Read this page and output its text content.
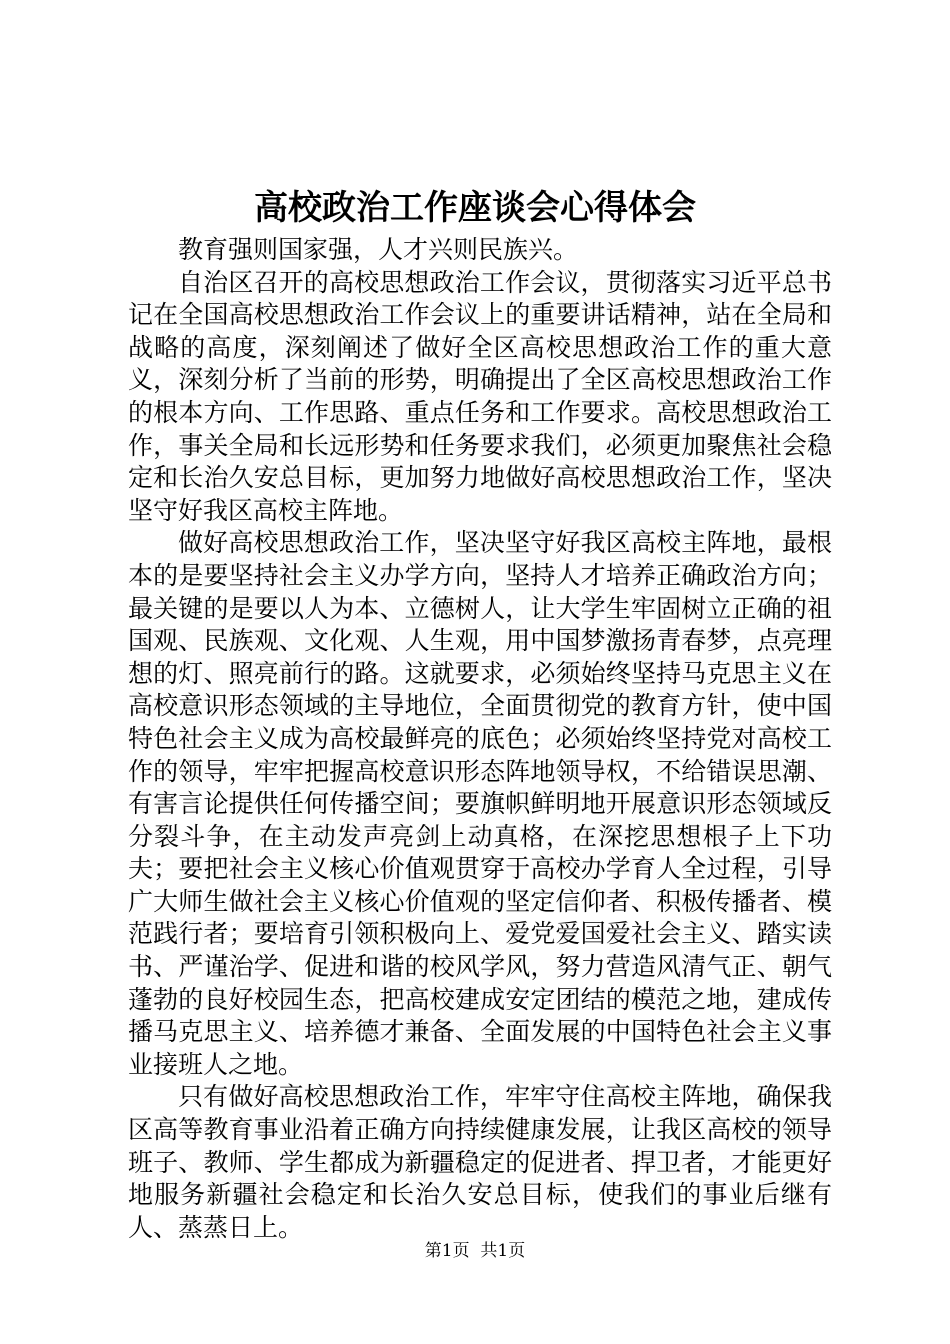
高校政治工作座谈会心得体会

教育强则国家强，人才兴则民族兴。

自治区召开的高校思想政治工作会议，贯彻落实习近平总书记在全国高校思想政治工作会议上的重要讲话精神，站在全局和战略的高度，深刻阐述了做好全区高校思想政治工作的重大意义，深刻分析了当前的形势，明确提出了全区高校思想政治工作的根本方向、工作思路、重点任务和工作要求。高校思想政治工作，事关全局和长远形势和任务要求我们，必须更加聚焦社会稳定和长治久安总目标，更加努力地做好高校思想政治工作，坚决坚守好我区高校主阵地。

做好高校思想政治工作，坚决坚守好我区高校主阵地，最根本的是要坚持社会主义办学方向，坚持人才培养正确政治方向；最关键的是要以人为本、立德树人，让大学生牢固树立正确的祖国观、民族观、文化观、人生观，用中国梦激扬青春梦，点亮理想的灯、照亮前行的路。这就要求，必须始终坚持马克思主义在高校意识形态领域的主导地位，全面贯彻党的教育方针，使中国特色社会主义成为高校最鲜亮的底色；必须始终坚持党对高校工作的领导，牢牢把握高校意识形态阵地领导权，不给错误思潮、有害言论提供任何传播空间；要旗帜鲜明地开展意识形态领域反分裂斗争，在主动发声亮剑上动真格，在深挖思想根子上下功夫；要把社会主义核心价值观贯穿于高校办学育人全过程，引导广大师生做社会主义核心价值观的坚定信仰者、积极传播者、模范践行者；要培育引领积极向上、爱党爱国爱社会主义、踏实读书、严谨治学、促进和谐的校风学风，努力营造风清气正、朝气蓬勃的良好校园生态，把高校建成安定团结的模范之地，建成传播马克思主义、培养德才兼备、全面发展的中国特色社会主义事业接班人之地。

只有做好高校思想政治工作，牢牢守住高校主阵地，确保我区高等教育事业沿着正确方向持续健康发展，让我区高校的领导班子、教师、学生都成为新疆稳定的促进者、捍卫者，才能更好地服务新疆社会稳定和长治久安总目标，使我们的事业后继有人、蒸蒸日上。

第1页  共1页
